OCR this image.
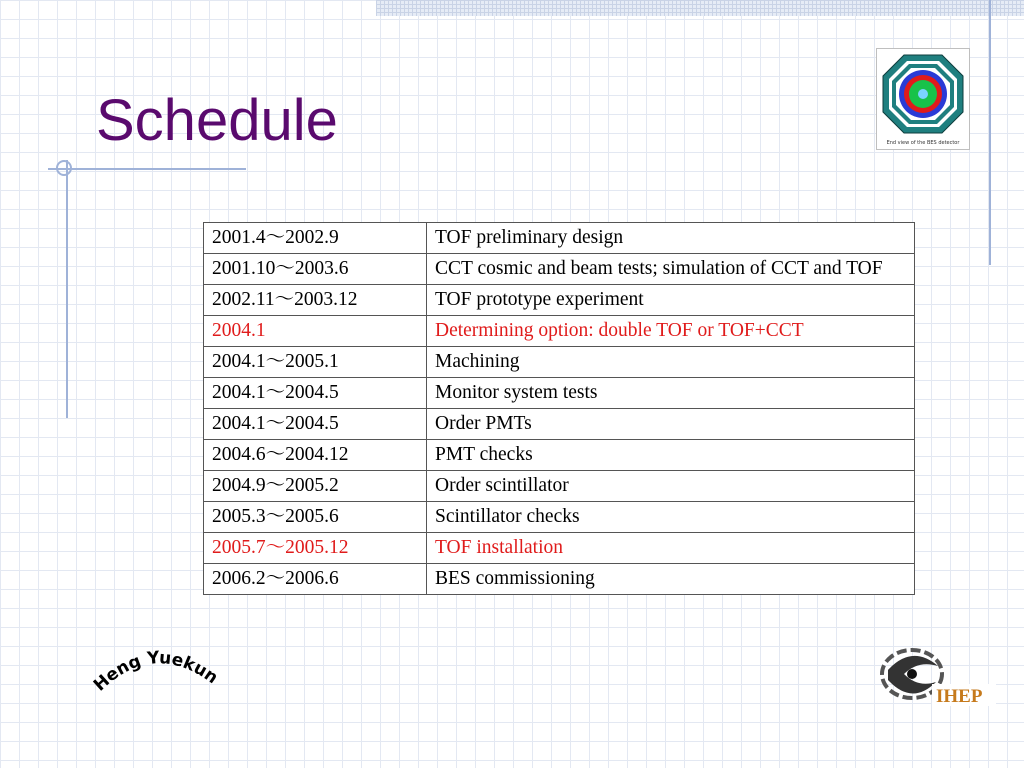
Schedule	End view of the BES detector
2001.4～2002.9	TOF preliminary design
2001.10～2003.6	CCT cosmic and beam tests; simulation of CCT and TOF
2002.11～2003.12	TOF prototype experiment
2004.1	Determining option: double TOF or TOF+CCT
2004.1～2005.1	Machining
2004.1～2004.5	Monitor system tests
2004.1～2004.5	Order PMTs
2004.6～2004.12	PMT checks
2004.9～2005.2	Order scintillator
2005.3～2005.6	Scintillator checks
2005.7～2005.12	TOF installation
2006.2～2006.6	BES commissioning
Heng Yuekun
IHEP
